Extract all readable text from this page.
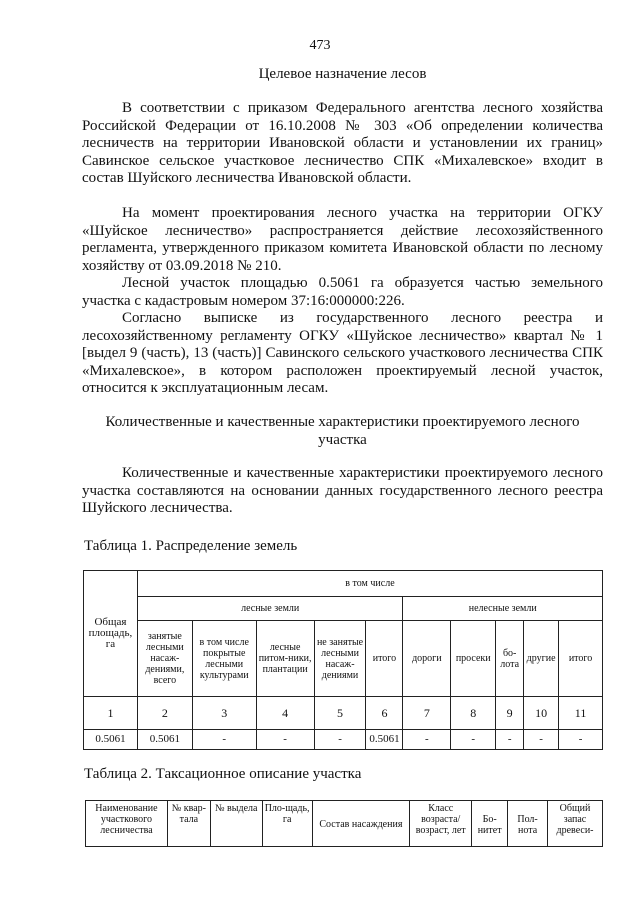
473
Целевое назначение лесов
В соответствии с приказом Федерального агентства лесного хозяйства Российской Федерации от 16.10.2008 № 303 «Об определении количества лесничеств на территории Ивановской области и установлении их границ» Савинское сельское участковое лесничество СПК «Михалевское» входит в состав Шуйского лесничества Ивановской области.
На момент проектирования лесного участка на территории ОГКУ «Шуйское лесничество» распространяется действие лесохозяйственного регламента, утвержденного приказом комитета Ивановской области по лесному хозяйству от 03.09.2018 № 210.
Лесной участок площадью 0.5061 га образуется частью земельного участка с кадастровым номером 37:16:000000:226.
Согласно выписке из государственного лесного реестра и лесохозяйственному регламенту ОГКУ «Шуйское лесничество» квартал № 1 [выдел 9 (часть), 13 (часть)] Савинского сельского участкового лесничества СПК «Михалевское», в котором расположен проектируемый лесной участок, относится к эксплуатационным лесам.
Количественные и качественные характеристики проектируемого лесного участка
Количественные и качественные характеристики проектируемого лесного участка составляются на основании данных государственного лесного реестра Шуйского лесничества.
Таблица 1. Распределение земель
Общая площадь, га	в том числе									
	лесные земли					нелесные земли				
	занятые лесными насаж-дениями, всего	в том числе покрытые лесными культурами	лесные питом-ники, плантации	не занятые лесными насаж-дениями	итого	дороги	просеки	бо-лота	другие	итого
1	2	3	4	5	6	7	8	9	10	11
0.5061	0.5061	-	-	-	0.5061	-	-	-	-	-
Таблица 2. Таксационное описание участка
Наименование участкового лесничества	№ квар-тала	№ выдела	Пло-щадь, га	Состав насаждения	Класс возраста/ возраст, лет	Бо-нитет	Пол-нота	Общий запас древеси-
